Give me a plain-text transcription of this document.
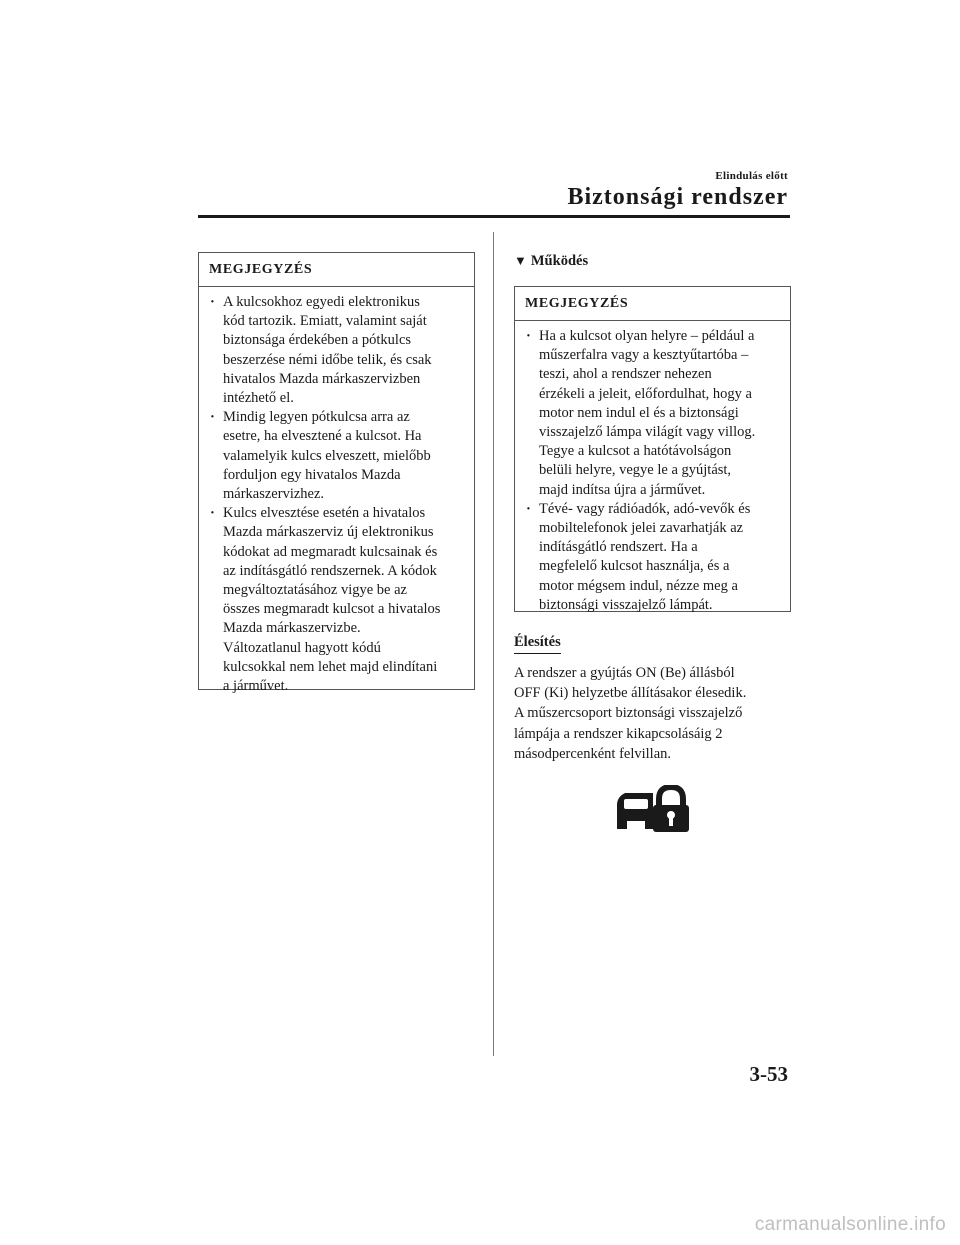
Elindulás előtt
Biztonsági rendszer
MEGJEGYZÉS
· A kulcsokhoz egyedi elektronikus
kód tartozik. Emiatt, valamint saját
biztonsága érdekében a pótkulcs
beszerzése némi időbe telik, és csak
hivatalos Mazda márkaszervizben
intézhető el.
· Mindig legyen pótkulcsa arra az
esetre, ha elvesztené a kulcsot. Ha
valamelyik kulcs elveszett, mielőbb
forduljon egy hivatalos Mazda
márkaszervizhez.
· Kulcs elvesztése esetén a hivatalos
Mazda márkaszerviz új elektronikus
kódokat ad megmaradt kulcsainak és
az indításgátló rendszernek. A kódok
megváltoztatásához vigye be az
összes megmaradt kulcsot a hivatalos
Mazda márkaszervizbe.
Változatlanul hagyott kódú
kulcsokkal nem lehet majd elindítani
a járművet.
▼ Működés
MEGJEGYZÉS
· Ha a kulcsot olyan helyre – például a
műszerfalra vagy a kesztyűtartóba –
teszi, ahol a rendszer nehezen
érzékeli a jeleit, előfordulhat, hogy a
motor nem indul el és a biztonsági
visszajelző lámpa világít vagy villog.
Tegye a kulcsot a hatótávolságon
belüli helyre, vegye le a gyújtást,
majd indítsa újra a járművet.
· Tévé- vagy rádióadók, adó-vevők és
mobiltelefonok jelei zavarhatják az
indításgátló rendszert. Ha a
megfelelő kulcsot használja, és a
motor mégsem indul, nézze meg a
biztonsági visszajelző lámpát.
Élesítés
A rendszer a gyújtás ON (Be) állásból
OFF (Ki) helyzetbe állításakor élesedik.
A műszercsoport biztonsági visszajelző
lámpája a rendszer kikapcsolásáig 2
másodpercenként felvillan.
3-53
carmanualsonline.info
